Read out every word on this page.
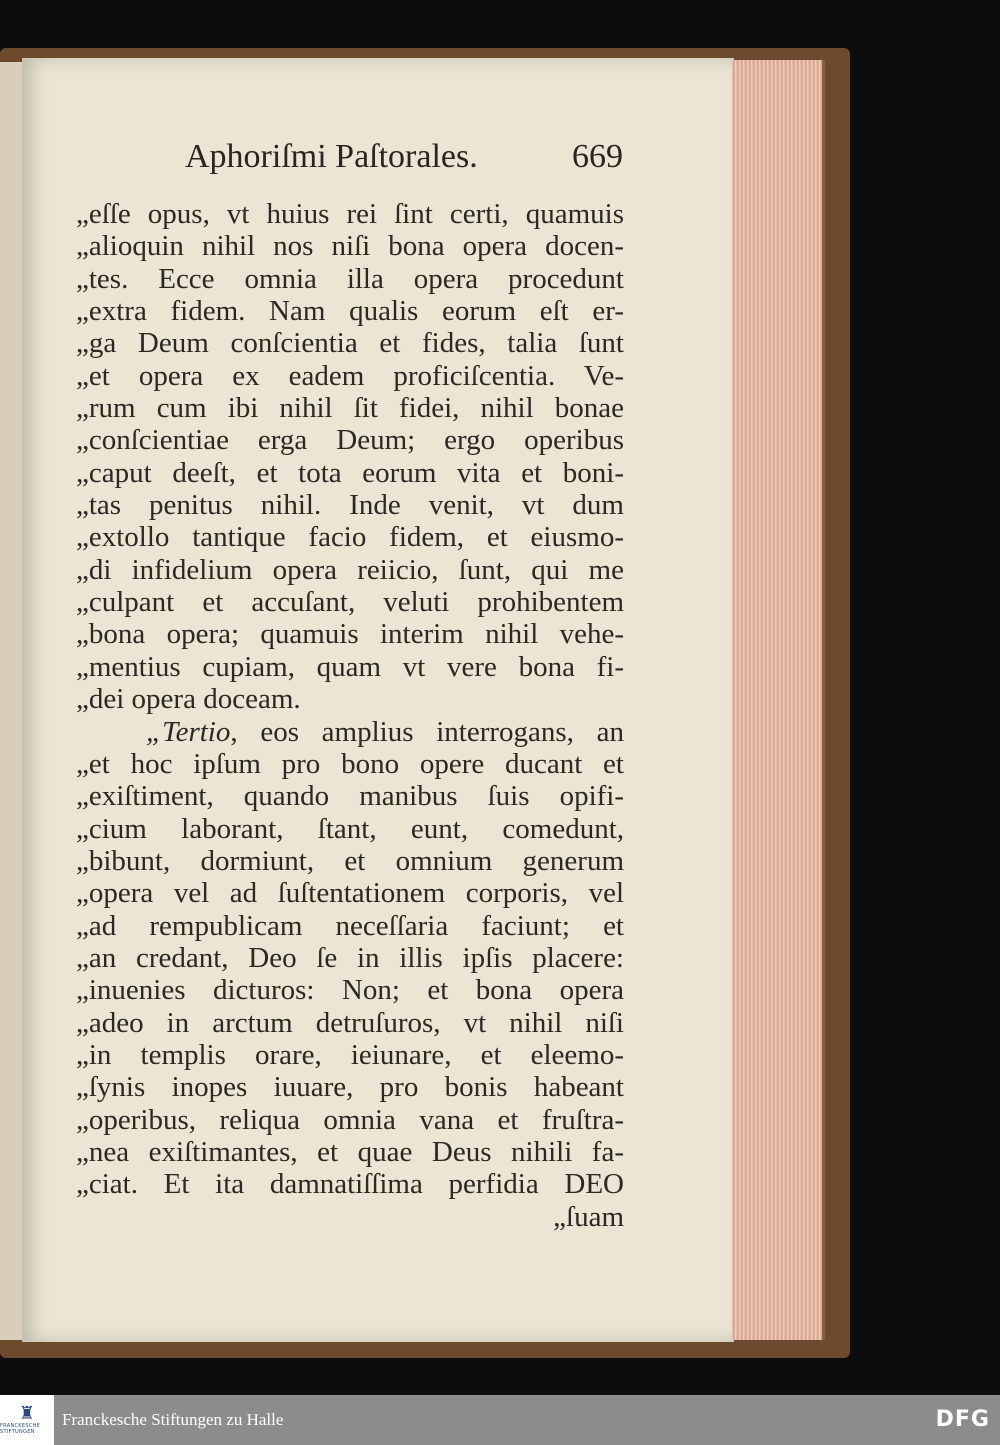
Aphoriſmi Paſtorales.	669
„eſſe opus, vt huius rei ſint certi, quamuis
„alioquin nihil nos niſi bona opera docen-
„tes. Ecce omnia illa opera procedunt
„extra fidem. Nam qualis eorum eſt er-
„ga Deum conſcientia et fides, talia ſunt
„et opera ex eadem proficiſcentia. Ve-
„rum cum ibi nihil ſit fidei, nihil bonae
„conſcientiae erga Deum; ergo operibus
„caput deeſt, et tota eorum vita et boni-
„tas penitus nihil. Inde venit, vt dum
„extollo tantique facio fidem, et eiusmo-
„di infidelium opera reiicio, ſunt, qui me
„culpant et accuſant, veluti prohibentem
„bona opera; quamuis interim nihil vehe-
„mentius cupiam, quam vt vere bona fi-
„dei opera doceam.
„Tertio, eos amplius interrogans, an
„et hoc ipſum pro bono opere ducant et
„exiſtiment, quando manibus ſuis opifi-
„cium laborant, ſtant, eunt, comedunt,
„bibunt, dormiunt, et omnium generum
„opera vel ad ſuſtentationem corporis, vel
„ad rempublicam neceſſaria faciunt; et
„an credant, Deo ſe in illis ipſis placere:
„inuenies dicturos: Non; et bona opera
„adeo in arctum detruſuros, vt nihil niſi
„in templis orare, ieiunare, et eleemo-
„ſynis inopes iuuare, pro bonis habeant
„operibus, reliqua omnia vana et fruſtra-
„nea exiſtimantes, et quae Deus nihili fa-
„ciat. Et ita damnatiſſima perfidia DEO
„ſuam
♜
FRANCKESCHE STIFTUNGEN
Franckesche Stiftungen zu Halle	DFG
